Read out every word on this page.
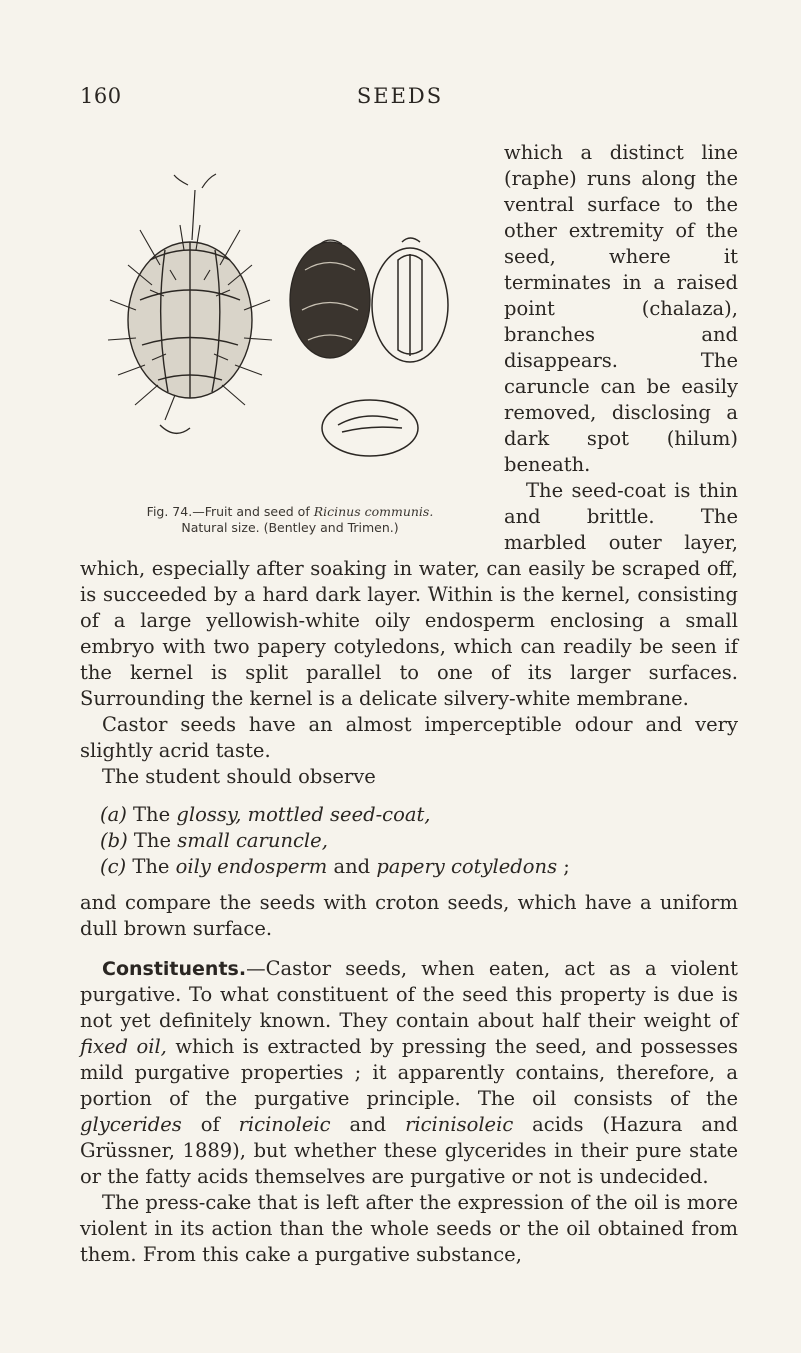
160	SEEDS

Fig. 74.—Fruit and seed of Ricinus communis.
Natural size. (Bentley and Trimen.)
which a distinct line (raphe) runs along the ventral surface to the other extremity of the seed, where it terminates in a raised point (chalaza), branches and disappears. The caruncle can be easily removed, disclosing a dark spot (hilum) beneath.

The seed-coat is thin and brittle. The marbled outer layer, which, especially after soaking in water, can easily be scraped off, is succeeded by a hard dark layer. Within is the kernel, consisting of a large yellowish-white oily endosperm enclosing a small embryo with two papery cotyledons, which can readily be seen if the kernel is split parallel to one of its larger surfaces. Surrounding the kernel is a delicate silvery-white membrane.

Castor seeds have an almost imperceptible odour and very slightly acrid taste.

The student should observe

(a) The glossy, mottled seed-coat,
(b) The small caruncle,
(c) The oily endosperm and papery cotyledons ;

and compare the seeds with croton seeds, which have a uniform dull brown surface.

Constituents.—Castor seeds, when eaten, act as a violent purgative. To what constituent of the seed this property is due is not yet definitely known. They contain about half their weight of fixed oil, which is extracted by pressing the seed, and possesses mild purgative properties ; it apparently contains, therefore, a portion of the purgative principle. The oil consists of the glycerides of ricinoleic and ricinisoleic acids (Hazura and Grüssner, 1889), but whether these glycerides in their pure state or the fatty acids themselves are purgative or not is undecided.

The press-cake that is left after the expression of the oil is more violent in its action than the whole seeds or the oil obtained from them. From this cake a purgative substance,
